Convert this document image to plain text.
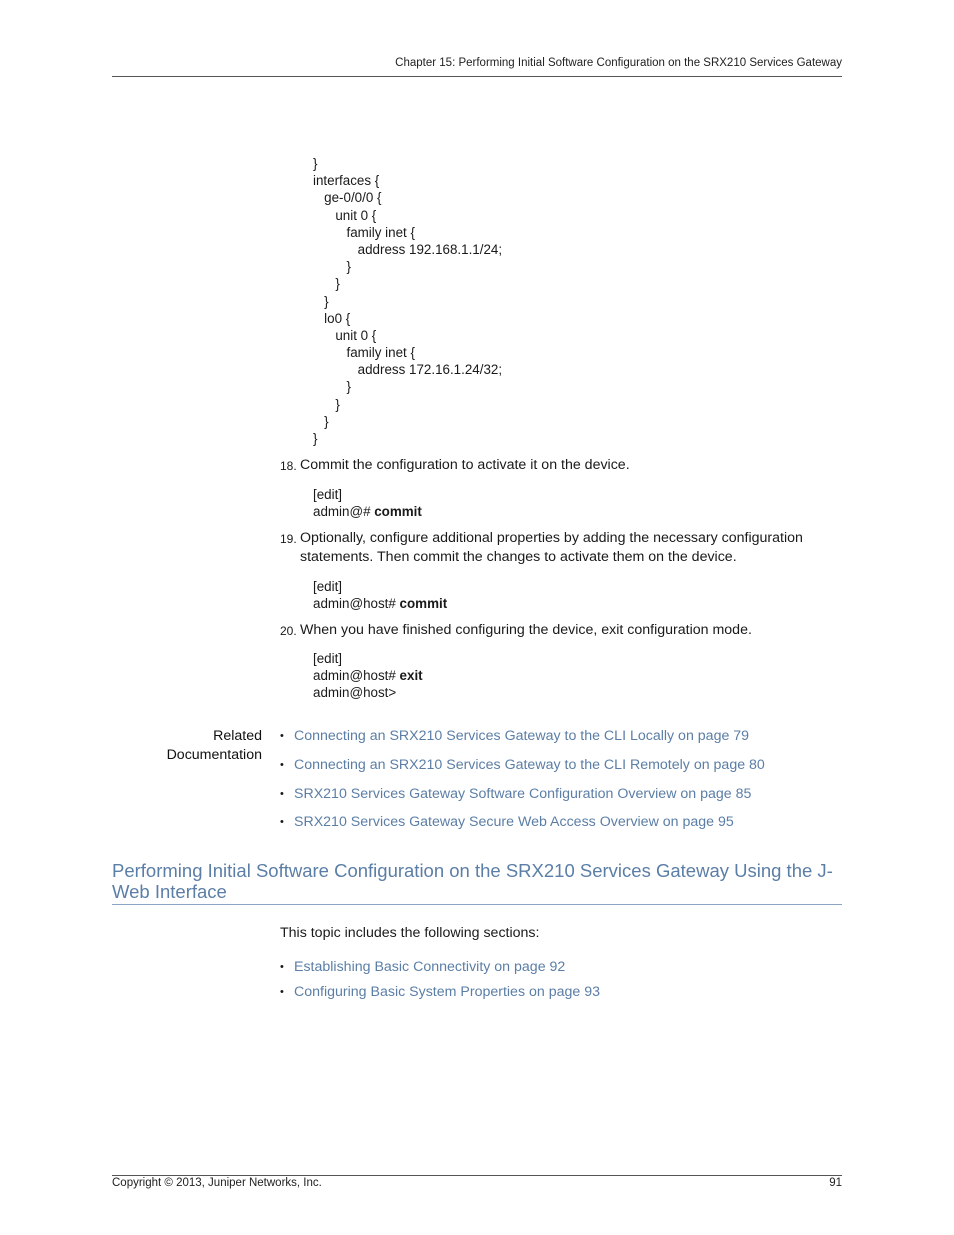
Chapter 15: Performing Initial Software Configuration on the SRX210 Services Gateway
}
interfaces {
ge-0/0/0 {
unit 0 {
family inet {
address 192.168.1.1/24;
}
}
}
lo0 {
unit 0 {
family inet {
address 172.16.1.24/32;
}
}
}
}
18. Commit the configuration to activate it on the device.
[edit]
admin@# commit
19. Optionally, configure additional properties by adding the necessary configuration statements. Then commit the changes to activate them on the device.
[edit]
admin@host# commit
20. When you have finished configuring the device, exit configuration mode.
[edit]
admin@host# exit
admin@host>
Related
Documentation
• Connecting an SRX210 Services Gateway to the CLI Locally on page 79
• Connecting an SRX210 Services Gateway to the CLI Remotely on page 80
• SRX210 Services Gateway Software Configuration Overview on page 85
• SRX210 Services Gateway Secure Web Access Overview on page 95
Performing Initial Software Configuration on the SRX210 Services Gateway Using the J-Web Interface
This topic includes the following sections:
• Establishing Basic Connectivity on page 92
• Configuring Basic System Properties on page 93
Copyright © 2013, Juniper Networks, Inc.	91
